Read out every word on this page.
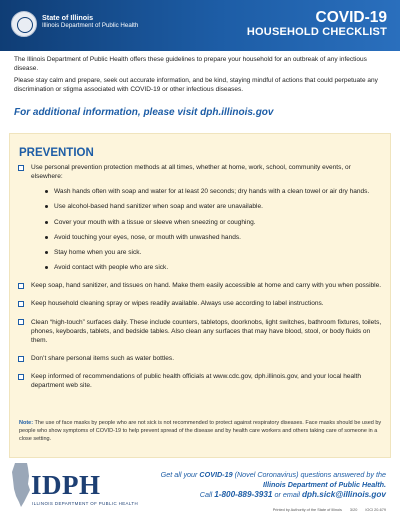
State of Illinois
Illinois Department of Public Health	COVID-19
HOUSEHOLD CHECKLIST

The Illinois Department of Public Health offers these guidelines to prepare your household for an outbreak of any infectious disease.

Please stay calm and prepare, seek out accurate information, and be kind, staying mindful of actions that could perpetuate any discrimination or stigma associated with COVID-19 or other infectious diseases.

For additional information, please visit dph.illinois.gov
PREVENTION
Use personal prevention protection methods at all times, whether at home, work, school, community events, or elsewhere:
Wash hands often with soap and water for at least 20 seconds; dry hands with a clean towel or air dry hands.
Use alcohol-based hand sanitizer when soap and water are unavailable.
Cover your mouth with a tissue or sleeve when sneezing or coughing.
Avoid touching your eyes, nose, or mouth with unwashed hands.
Stay home when you are sick.
Avoid contact with people who are sick.
Keep soap, hand sanitizer, and tissues on hand. Make them easily accessible at home and carry with you when possible.
Keep household cleaning spray or wipes readily available. Always use according to label instructions.
Clean “high-touch” surfaces daily. These include counters, tabletops, doorknobs, light switches, bathroom fixtures, toilets, phones, keyboards, tablets, and bedside tables. Also clean any surfaces that may have blood, stool, or body fluids on them.
Don’t share personal items such as water bottles.
Keep informed of recommendations of public health officials at www.cdc.gov, dph.illinois.gov, and your local health department web site.
Note: The use of face masks by people who are not sick is not recommended to protect against respiratory diseases. Face masks should be used by people who show symptoms of COVID-19 to help prevent spread of the disease and by health care workers and others taking care of someone in a close setting.
IDPH
ILLINOIS DEPARTMENT OF PUBLIC HEALTH
Get all your COVID-19 (Novel Coronavirus) questions answered by the
Illinois Department of Public Health.
Call 1-800-889-3931 or email dph.sick@illinois.gov
Printed by Authority of the State of Illinois 3/20 IOCI 20-679
